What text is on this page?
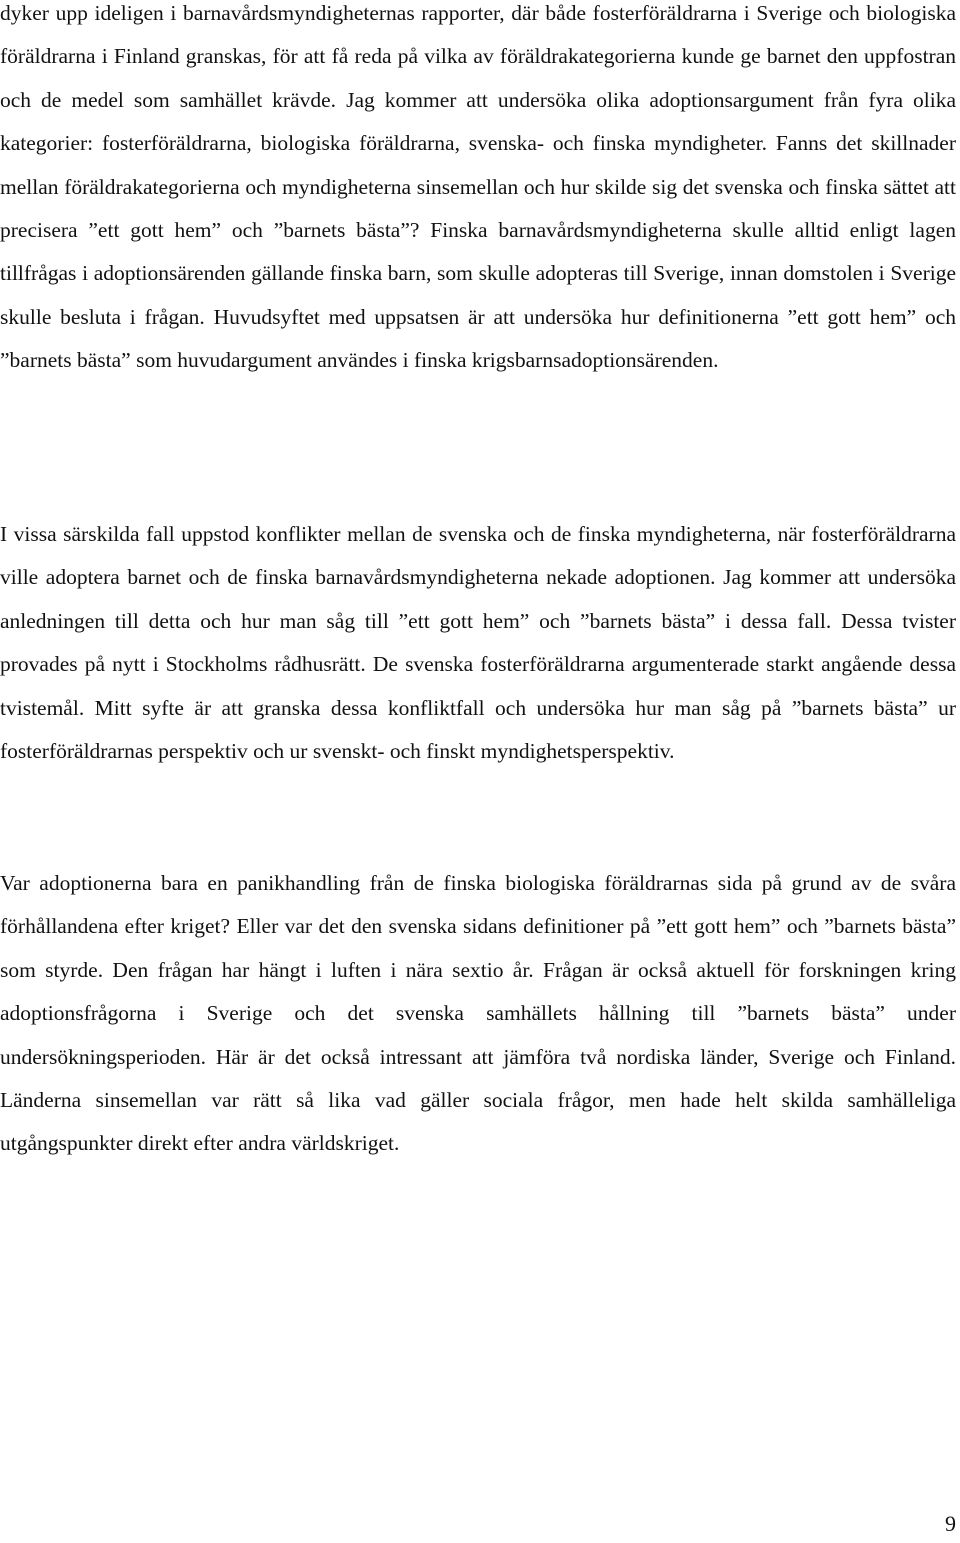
dyker upp ideligen i barnavårdsmyndigheternas rapporter, där både fosterföräldrarna i Sverige och biologiska föräldrarna i Finland granskas, för att få reda på vilka av föräldrakategorierna kunde ge barnet den uppfostran och de medel som samhället krävde. Jag kommer att undersöka olika adoptionsargument från fyra olika kategorier: fosterföräldrarna, biologiska föräldrarna, svenska- och finska myndigheter. Fanns det skillnader mellan föräldrakategorierna och myndigheterna sinsemellan och hur skilde sig det svenska och finska sättet att precisera ”ett gott hem” och ”barnets bästa”? Finska barnavårdsmyndigheterna skulle alltid enligt lagen tillfrågas i adoptionsärenden gällande finska barn, som skulle adopteras till Sverige, innan domstolen i Sverige skulle besluta i frågan. Huvudsyftet med uppsatsen är att undersöka hur definitionerna ”ett gott hem” och ”barnets bästa” som huvudargument användes i finska krigsbarnsadoptionsärenden.

I vissa särskilda fall uppstod konflikter mellan de svenska och de finska myndigheterna, när fosterföräldrarna ville adoptera barnet och de finska barnavårdsmyndigheterna nekade adoptionen. Jag kommer att undersöka anledningen till detta och hur man såg till ”ett gott hem” och ”barnets bästa” i dessa fall. Dessa tvister provades på nytt i Stockholms rådhusrätt. De svenska fosterföräldrarna argumenterade starkt angående dessa tvistemål. Mitt syfte är att granska dessa konfliktfall och undersöka hur man såg på ”barnets bästa” ur fosterföräldrarnas perspektiv och ur svenskt- och finskt myndighetsperspektiv.

Var adoptionerna bara en panikhandling från de finska biologiska föräldrarnas sida på grund av de svåra förhållandena efter kriget? Eller var det den svenska sidans definitioner på ”ett gott hem” och ”barnets bästa” som styrde. Den frågan har hängt i luften i nära sextio år. Frågan är också aktuell för forskningen kring adoptionsfrågorna i Sverige och det svenska samhällets hållning till ”barnets bästa” under undersökningsperioden. Här är det också intressant att jämföra två nordiska länder, Sverige och Finland. Länderna sinsemellan var rätt så lika vad gäller sociala frågor, men hade helt skilda samhälleliga utgångspunkter direkt efter andra världskriget.

9
